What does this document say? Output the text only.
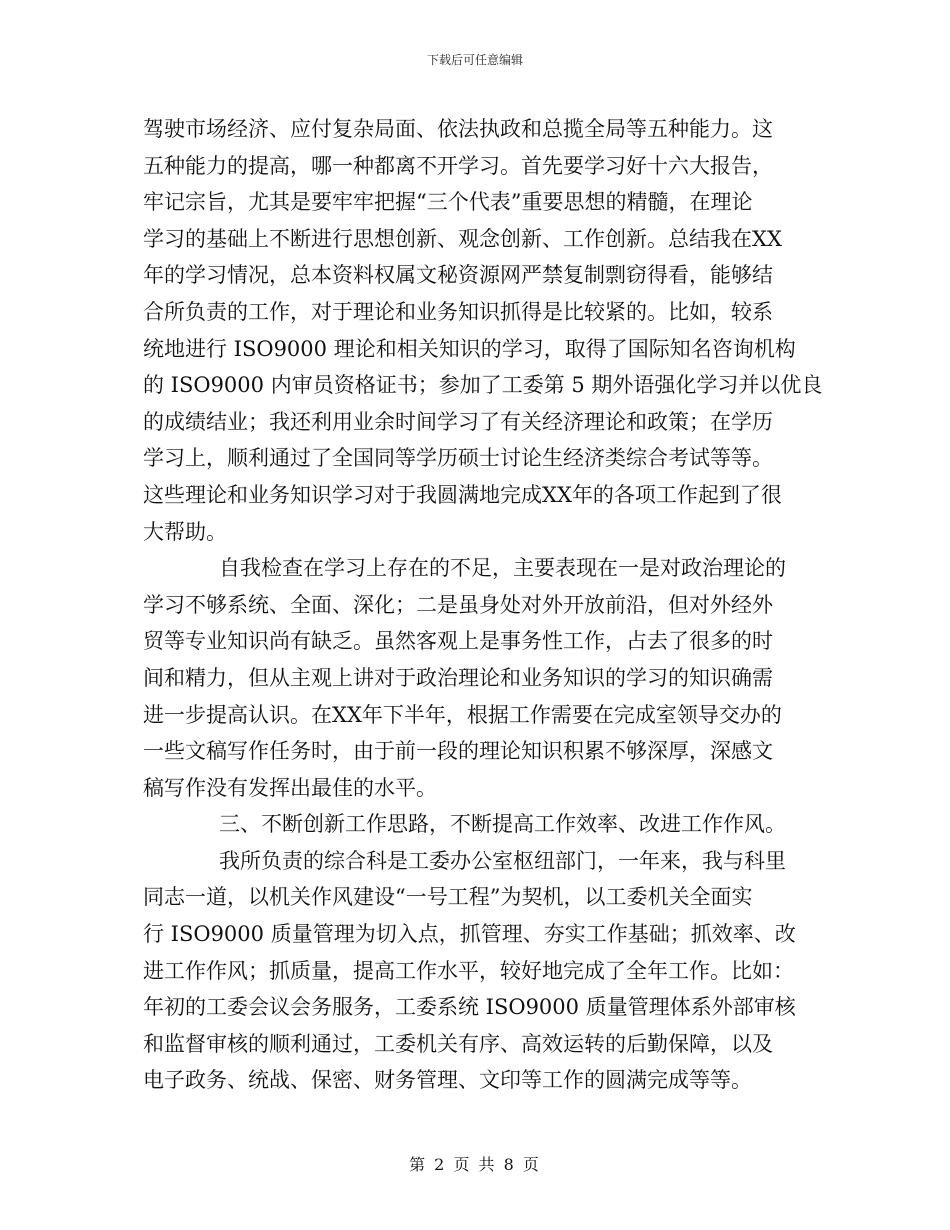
下载后可任意编辑
驾驶市场经济、应付复杂局面、依法执政和总揽全局等五种能力。这
五种能力的提高，哪一种都离不开学习。首先要学习好十六大报告，
牢记宗旨，尤其是要牢牢把握“三个代表”重要思想的精髓，在理论
学习的基础上不断进行思想创新、观念创新、工作创新。总结我在XX
年的学习情况，总本资料权属文秘资源网严禁复制剽窃得看，能够结
合所负责的工作，对于理论和业务知识抓得是比较紧的。比如，较系
统地进行 ISO9000 理论和相关知识的学习，取得了国际知名咨询机构
的 ISO9000 内审员资格证书；参加了工委第 5 期外语强化学习并以优良
的成绩结业；我还利用业余时间学习了有关经济理论和政策；在学历
学习上，顺利通过了全国同等学历硕士讨论生经济类综合考试等等。
这些理论和业务知识学习对于我圆满地完成XX年的各项工作起到了很
大帮助。
自我检查在学习上存在的不足，主要表现在一是对政治理论的
学习不够系统、全面、深化；二是虽身处对外开放前沿，但对外经外
贸等专业知识尚有缺乏。虽然客观上是事务性工作，占去了很多的时
间和精力，但从主观上讲对于政治理论和业务知识的学习的知识确需
进一步提高认识。在XX年下半年，根据工作需要在完成室领导交办的
一些文稿写作任务时，由于前一段的理论知识积累不够深厚，深感文
稿写作没有发挥出最佳的水平。
三、不断创新工作思路，不断提高工作效率、改进工作作风。
我所负责的综合科是工委办公室枢纽部门，一年来，我与科里
同志一道，以机关作风建设“一号工程”为契机，以工委机关全面实
行 ISO9000 质量管理为切入点，抓管理、夯实工作基础；抓效率、改
进工作作风；抓质量，提高工作水平，较好地完成了全年工作。比如：
年初的工委会议会务服务，工委系统 ISO9000 质量管理体系外部审核
和监督审核的顺利通过，工委机关有序、高效运转的后勤保障，以及
电子政务、统战、保密、财务管理、文印等工作的圆满完成等等。
第 2 页 共 8 页
